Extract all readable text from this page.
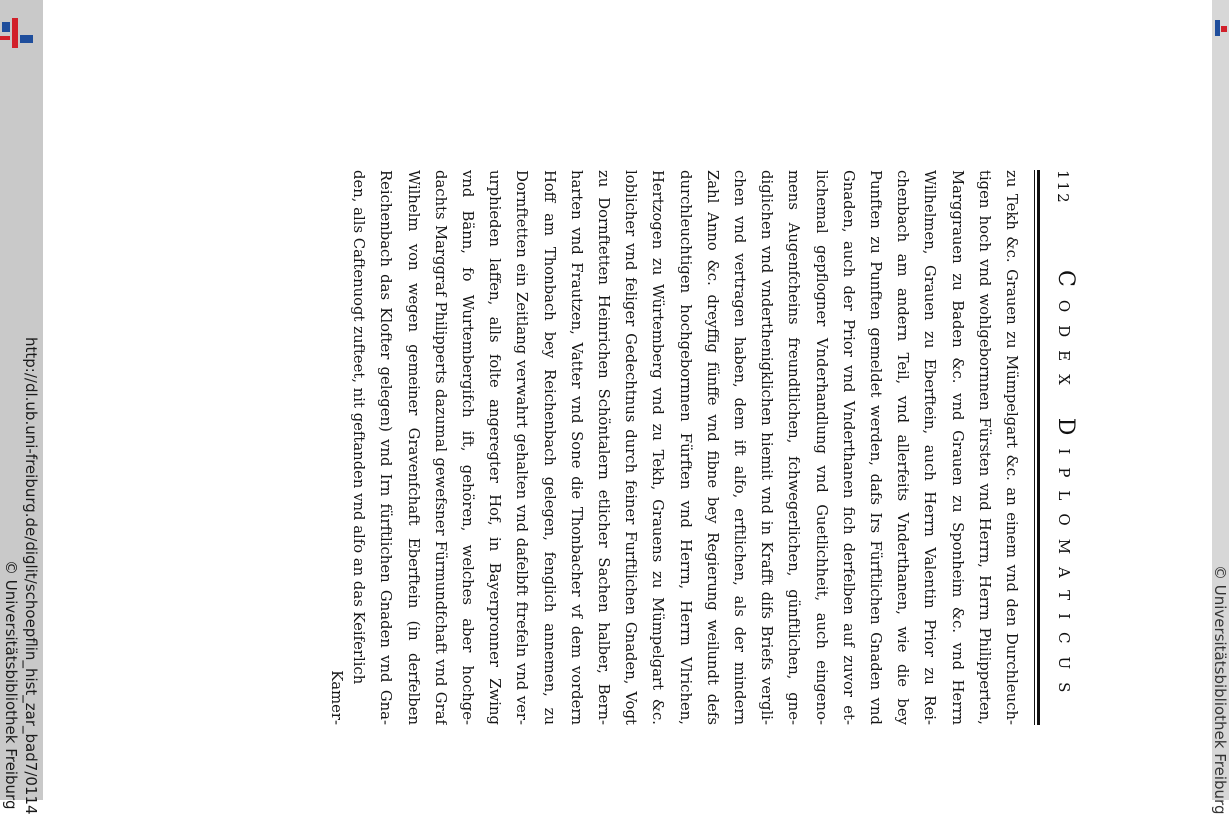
http://dl.ub.uni-freiburg.de/diglit/schoepflin_hist_zar_bad7/0114
© Universitätsbibliothek Freiburg	© Universitätsbibliothek Freiburg
112
Codex Diplomaticus
zu Tekh &c. Grauen zu Mümpelgart &c. an einem vnd den Durchleuch-
tigen hoch vnd wohlgebornnen Fürsten vnd Herrn, Herrn Philipperten,
Marggrauen zu Baden &c. vnd Grauen zu Sponheim &c. vnd Herrn
Wilhelmen, Grauen zu Eberftein, auch Herrn Valentin Prior zu Rei-
chenbach am andern Teil, vnd allerfeits Vnderthanen, wie die bey
Punften zu Punften gemeldet werden, dafs Irs Fürftlichen Gnaden vnd
Gnaden, auch der Prior vnd Vnderthanen fich derfelben auf zuvor et-
lichemal gepflogner Vnderhandlung vnd Guetlichheit, auch eingeno-
mens Augenfcheins freundtlichen, fchwegerlichen, günftlichen, gne-
diglichen vnd vnderthenigklichen hiemit vnd in Krafft difs Briefs vergli-
chen vnd vertragen haben, dem ift alfo, erftlichen, als der mindern
Zahl Anno &c. dreyffig fünffe vnd fibne bey Regierung weilundt defs
durchleuchtigen hochgebornnen Fürften vnd Herrn, Herrn Vlrichen,
Hertzogen zu Würtemberg vnd zu Tekh, Grauens zu Mümpelgart &c.
loblicher vnd feliger Gedechtnus durch feiner Furftlichen Gnaden, Vogt
zu Dornftetten Heinrichen Schöntalern etlicher Sachen halber, Bern-
harten vnd Frautzen, Vatter vnd Sone die Thonbacher vf dem vordern
Hoff am Thonbach bey Reichenbach gelegen, fenglich annemen, zu
Dornftetten ein Zeitlang verwahrt gehalten vnd dafelbft ftrefeln vnd ver-
urphieden laffen, alls folte angeregter Hof, in Bayerpronner Zwing
vnd Bänn, fo Wurtembergifch ift, gehören, welches aber hochge-
dachts Marggraf Philipperts dazumal gewefsner Fürmundfchaft vnd Graf
Wilhelm von wegen gemeiner Gravenfchaft Eberftein (in derfelben
Reichenbach das Klofter gelegen) vnd Irn fürftlichen Gnaden vnd Gna-
den, alls Caftenuogt zufteet, nit geftanden vnd alfo an das Keiferlich
Kamer-
